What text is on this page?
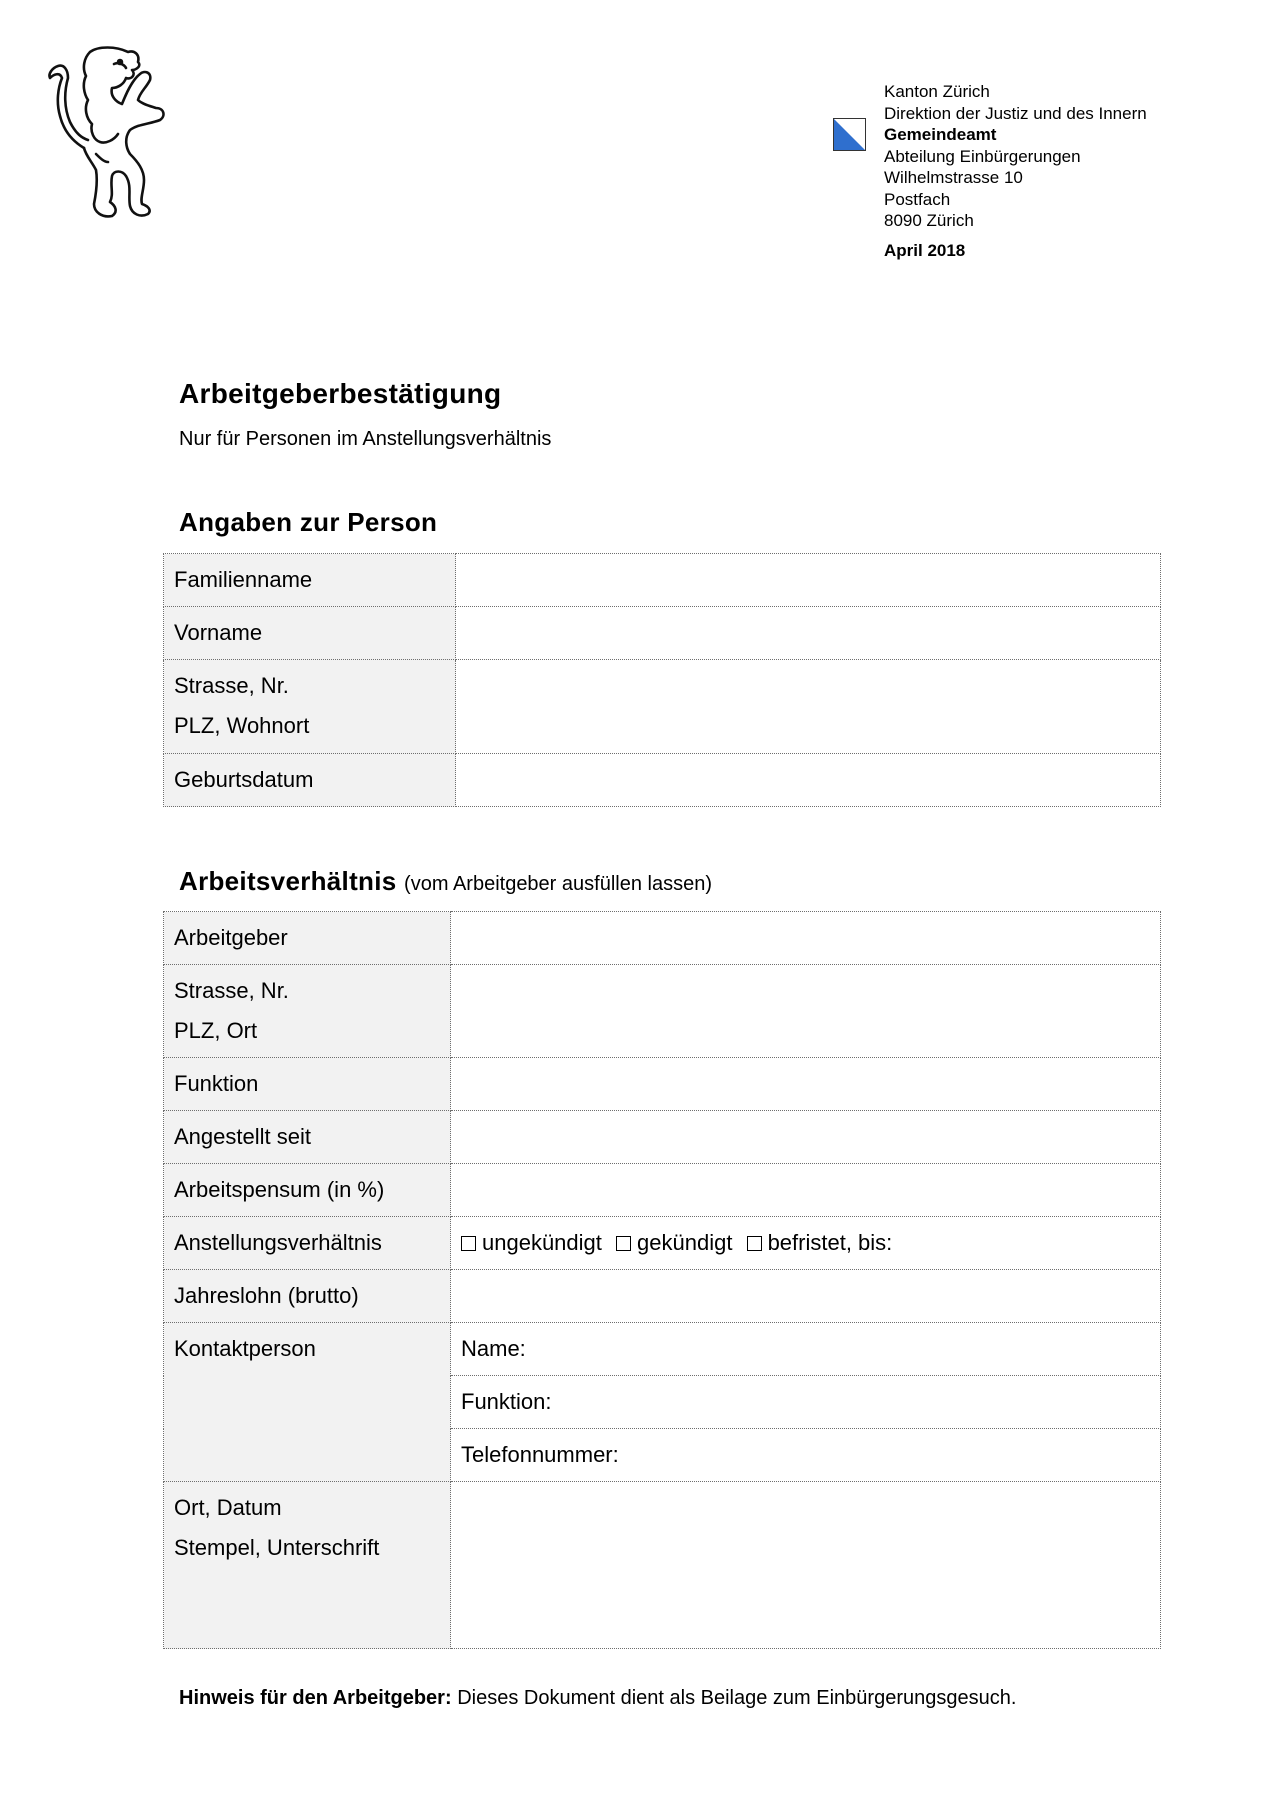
Kanton Zürich
Direktion der Justiz und des Innern
Gemeindeamt
Abteilung Einbürgerungen
Wilhelmstrasse 10
Postfach
8090 Zürich
April 2018
Arbeitgeberbestätigung
Nur für Personen im Anstellungsverhältnis
Angaben zur Person
Familienname	
Vorname	
Strasse, Nr.
PLZ, Wohnort	

Geburtsdatum	
Arbeitsverhältnis (vom Arbeitgeber ausfüllen lassen)
Arbeitgeber	
Strasse, Nr.
PLZ, Ort	

Funktion	
Angestellt seit	
Arbeitspensum (in %)	
Anstellungsverhältnis	ungekündigt gekündigt befristet, bis:
Jahreslohn (brutto)	
Kontaktperson	Name:
	Funktion:
	Telefonnummer:
Ort, Datum
Stempel, Unterschrift	

Hinweis für den Arbeitgeber: Dieses Dokument dient als Beilage zum Einbürgerungsgesuch.
